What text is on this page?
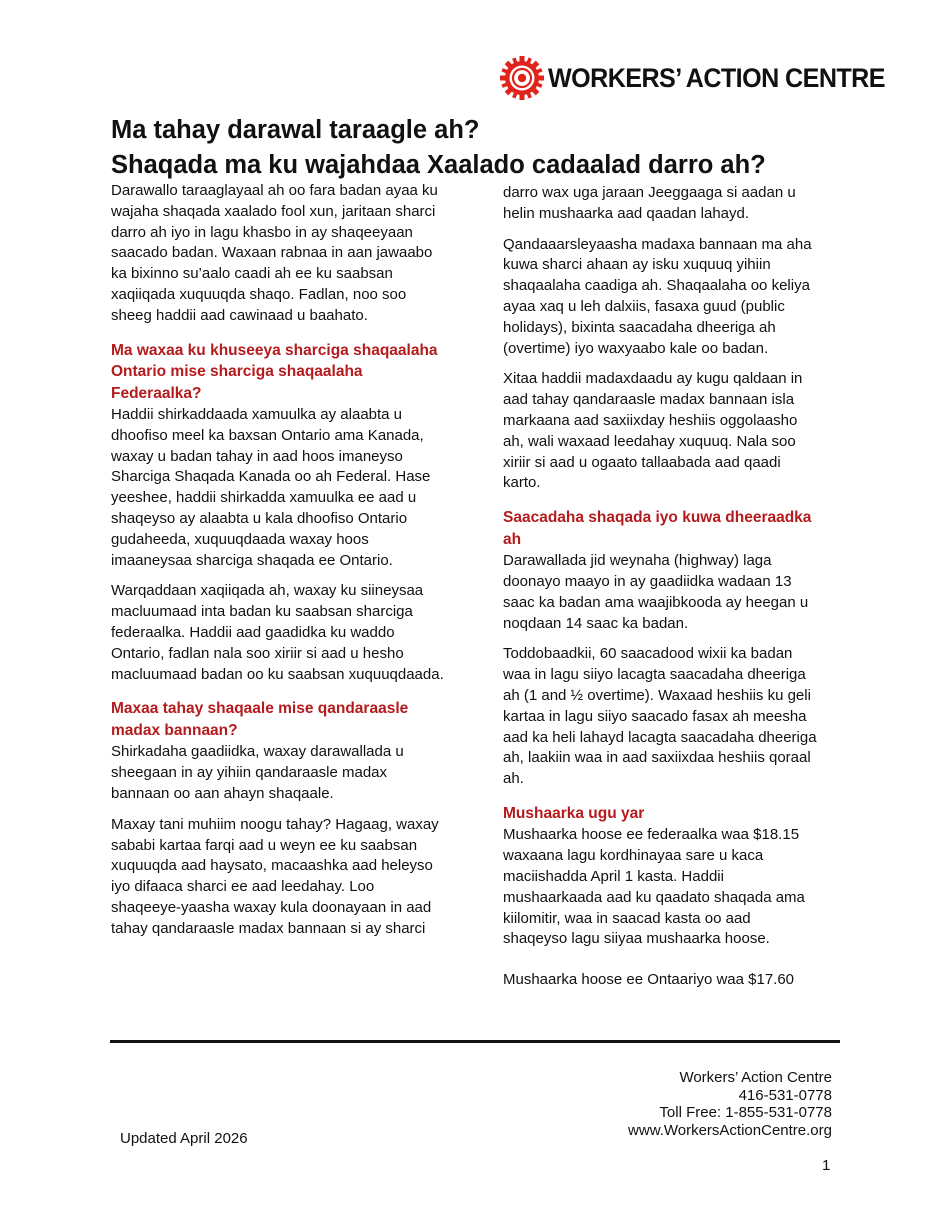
WORKERS’ ACTION CENTRE
Ma tahay darawal taraagle ah?
Shaqada ma ku wajahdaa Xaalado cadaalad darro ah?

Darawallo taraaglayaal ah oo fara badan ayaa ku wajaha shaqada xaalado fool xun, jaritaan sharci darro ah iyo in lagu khasbo in ay shaqeeyaan saacado badan. Waxaan rabnaa in aan jawaabo ka bixinno su’aalo caadi ah ee ku saabsan xaqiiqada xuquuqda shaqo. Fadlan, noo soo sheeg haddii aad cawinaad u baahato.

Ma waxaa ku khuseeya sharciga shaqaalaha Ontario mise sharciga shaqaalaha Federaalka?

Haddii shirkaddaada xamuulka ay alaabta u dhoofiso meel ka baxsan Ontario ama Kanada, waxay u badan tahay in aad hoos imaneyso Sharciga Shaqada Kanada oo ah Federal. Hase yeeshee, haddii shirkadda xamuulka ee aad u shaqeyso ay alaabta u kala dhoofiso Ontario gudaheeda, xuquuqdaada waxay hoos imaaneysaa sharciga shaqada ee Ontario.

Warqaddaan xaqiiqada ah, waxay ku siineysaa macluumaad inta badan ku saabsan sharciga federaalka. Haddii aad gaadidka ku waddo Ontario, fadlan nala soo xiriir si aad u hesho macluumaad badan oo ku saabsan xuquuqdaada.

Maxaa tahay shaqaale mise qandaraasle madax bannaan?

Shirkadaha gaadiidka, waxay darawallada u sheegaan in ay yihiin qandaraasle madax bannaan oo aan ahayn shaqaale.

Maxay tani muhiim noogu tahay? Hagaag, waxay sababi kartaa farqi aad u weyn ee ku saabsan xuquuqda aad haysato, macaashka aad heleyso iyo difaaca sharci ee aad leedahay. Loo shaqeeye-yaasha waxay kula doonayaan in aad tahay qandaraasle madax bannaan si ay sharci

darro wax uga jaraan Jeeggaaga si aadan u helin mushaarka aad qaadan lahayd.

Qandaaarsleyaasha madaxa bannaan ma aha kuwa sharci ahaan ay isku xuquuq yihiin shaqaalaha caadiga ah. Shaqaalaha oo keliya ayaa xaq u leh dalxiis, fasaxa guud (public holidays), bixinta saacadaha dheeriga ah (overtime) iyo waxyaabo kale oo badan.

Xitaa haddii madaxdaadu ay kugu qaldaan in aad tahay qandaraasle madax bannaan isla markaana aad saxiixday heshiis oggolaasho ah, wali waxaad leedahay xuquuq. Nala soo xiriir si aad u ogaato tallaabada aad qaadi karto.

Saacadaha shaqada iyo kuwa dheeraadka ah

Darawallada jid weynaha (highway) laga doonayo maayo in ay gaadiidka wadaan 13 saac ka badan ama waajibkooda ay heegan u noqdaan 14 saac ka badan.

Toddobaadkii, 60 saacadood wixii ka badan waa in lagu siiyo lacagta saacadaha dheeriga ah (1 and ½ overtime). Waxaad heshiis ku geli kartaa in lagu siiyo saacado fasax ah meesha aad ka heli lahayd lacagta saacadaha dheeriga ah, laakiin waa in aad saxiixdaa heshiis qoraal ah.

Mushaarka ugu yar

Mushaarka hoose ee federaalka waa $18.15 waxaana lagu kordhinayaa sare u kaca maciishadda April 1 kasta. Haddii mushaarkaada aad ku qaadato shaqada ama kiilomitir, waa in saacad kasta oo aad shaqeyso lagu siiyaa mushaarka hoose.

Mushaarka hoose ee Ontaariyo waa $17.60

Workers’ Action Centre
416-531-0778
Toll Free: 1-855-531-0778
www.WorkersActionCentre.org
Updated April 2026
1
